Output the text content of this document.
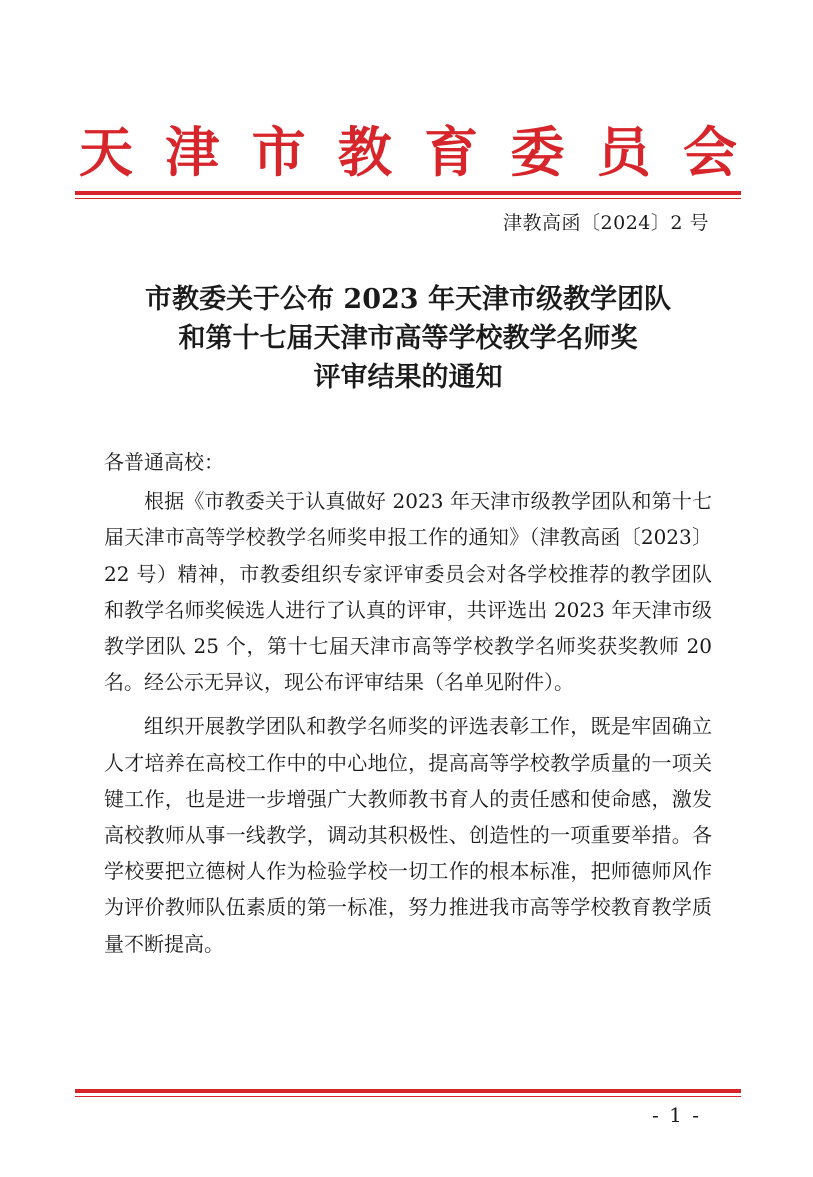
天 津 市 教 育 委 员 会
津教高函〔2024〕2 号
市教委关于公布 2023 年天津市级教学团队
和第十七届天津市高等学校教学名师奖
评审结果的通知

各普通高校：

根据《市教委关于认真做好 2023 年天津市级教学团队和第十七届天津市高等学校教学名师奖申报工作的通知》（津教高函〔2023〕22 号）精神，市教委组织专家评审委员会对各学校推荐的教学团队和教学名师奖候选人进行了认真的评审，共评选出 2023 年天津市级教学团队 25 个，第十七届天津市高等学校教学名师奖获奖教师 20 名。经公示无异议，现公布评审结果（名单见附件）。

组织开展教学团队和教学名师奖的评选表彰工作，既是牢固确立人才培养在高校工作中的中心地位，提高高等学校教学质量的一项关键工作，也是进一步增强广大教师教书育人的责任感和使命感，激发高校教师从事一线教学，调动其积极性、创造性的一项重要举措。各学校要把立德树人作为检验学校一切工作的根本标准，把师德师风作为评价教师队伍素质的第一标准，努力推进我市高等学校教育教学质量不断提高。

- 1 -
